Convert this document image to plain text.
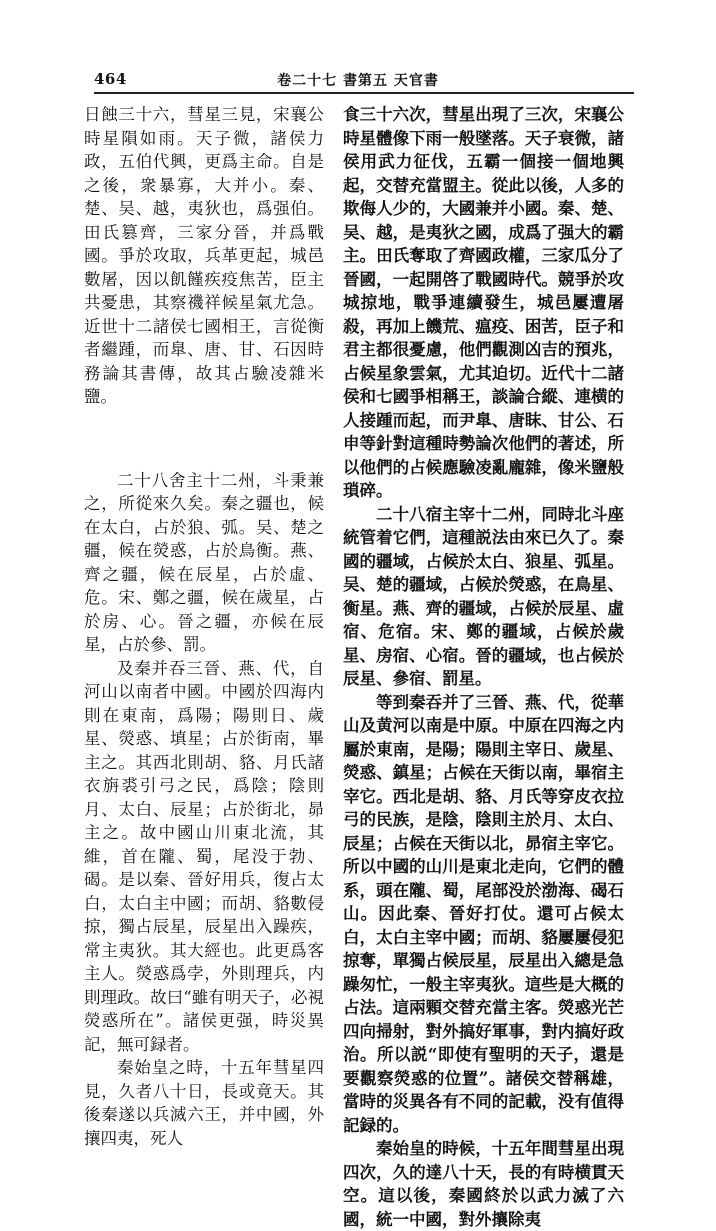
464	卷二十七 書第五 天官書

日蝕三十六，彗星三見，宋襄公時星隕如雨。天子微，諸侯力政，五伯代興，更爲主命。自是之後，衆暴寡，大并小。秦、楚、吴、越，夷狄也，爲强伯。田氏篡齊，三家分晉，并爲戰國。爭於攻取，兵革更起，城邑數屠，因以飢饉疾疫焦苦，臣主共憂患，其察禨祥候星氣尤急。近世十二諸侯七國相王，言從衡者繼踵，而臯、唐、甘、石因時務論其書傳，故其占驗凌雜米鹽。

二十八舍主十二州，斗秉兼之，所從來久矣。秦之疆也，候在太白，占於狼、弧。吴、楚之疆，候在熒惑，占於鳥衡。燕、齊之疆，候在辰星，占於虛、危。宋、鄭之疆，候在歲星，占於房、心。晉之疆，亦候在辰星，占於參、罰。

及秦并吞三晉、燕、代，自河山以南者中國。中國於四海内則在東南，爲陽；陽則日、歲星、熒惑、填星；占於街南，畢主之。其西北則胡、貉、月氏諸衣旃裘引弓之民，爲陰；陰則月、太白、辰星；占於街北，昴主之。故中國山川東北流，其維，首在隴、蜀，尾没于勃、碣。是以秦、晉好用兵，復占太白，太白主中國；而胡、貉數侵掠，獨占辰星，辰星出入躁疾，常主夷狄。其大經也。此更爲客主人。熒惑爲孛，外則理兵，内則理政。故曰“雖有明天子，必視熒惑所在”。諸侯更强，時災異記，無可録者。

秦始皇之時，十五年彗星四見，久者八十日，長或竟天。其後秦遂以兵滅六王，并中國，外攘四夷，死人

食三十六次，彗星出現了三次，宋襄公時星體像下雨一般墜落。天子衰微，諸侯用武力征伐，五霸一個接一個地興起，交替充當盟主。從此以後，人多的欺侮人少的，大國兼并小國。秦、楚、吴、越，是夷狄之國，成爲了强大的霸主。田氏奪取了齊國政權，三家瓜分了晉國，一起開啓了戰國時代。競爭於攻城掠地，戰爭連續發生，城邑屢遭屠殺，再加上饑荒、瘟疫、困苦，臣子和君主都很憂慮，他們觀測凶吉的預兆，占候星象雲氣，尤其迫切。近代十二諸侯和七國爭相稱王，談論合縱、連横的人接踵而起，而尹臯、唐眜、甘公、石申等針對這種時勢論次他們的著述，所以他們的占候應驗凌亂龐雜，像米鹽般瑣碎。

二十八宿主宰十二州，同時北斗座統管着它們，這種説法由來已久了。秦國的疆域，占候於太白、狼星、弧星。吴、楚的疆域，占候於熒惑，在鳥星、衡星。燕、齊的疆域，占候於辰星、虛宿、危宿。宋、鄭的疆域，占候於歲星、房宿、心宿。晉的疆域，也占候於辰星、參宿、罰星。

等到秦吞并了三晉、燕、代，從華山及黄河以南是中原。中原在四海之内屬於東南，是陽；陽則主宰日、歲星、熒惑、鎮星；占候在天街以南，畢宿主宰它。西北是胡、貉、月氏等穿皮衣拉弓的民族，是陰，陰則主於月、太白、辰星；占候在天街以北，昴宿主宰它。所以中國的山川是東北走向，它們的體系，頭在隴、蜀，尾部没於渤海、碣石山。因此秦、晉好打仗。還可占候太白，太白主宰中國；而胡、貉屢屢侵犯掠奪，單獨占候辰星，辰星出入總是急躁匆忙，一般主宰夷狄。這些是大概的占法。這兩顆交替充當主客。熒惑光芒四向掃射，對外搞好軍事，對内搞好政治。所以説“即使有聖明的天子，還是要觀察熒惑的位置”。諸侯交替稱雄，當時的災異各有不同的記載，没有值得記録的。

秦始皇的時候，十五年間彗星出現四次，久的達八十天，長的有時横貫天空。這以後，秦國終於以武力滅了六國，統一中國，對外攘除夷
